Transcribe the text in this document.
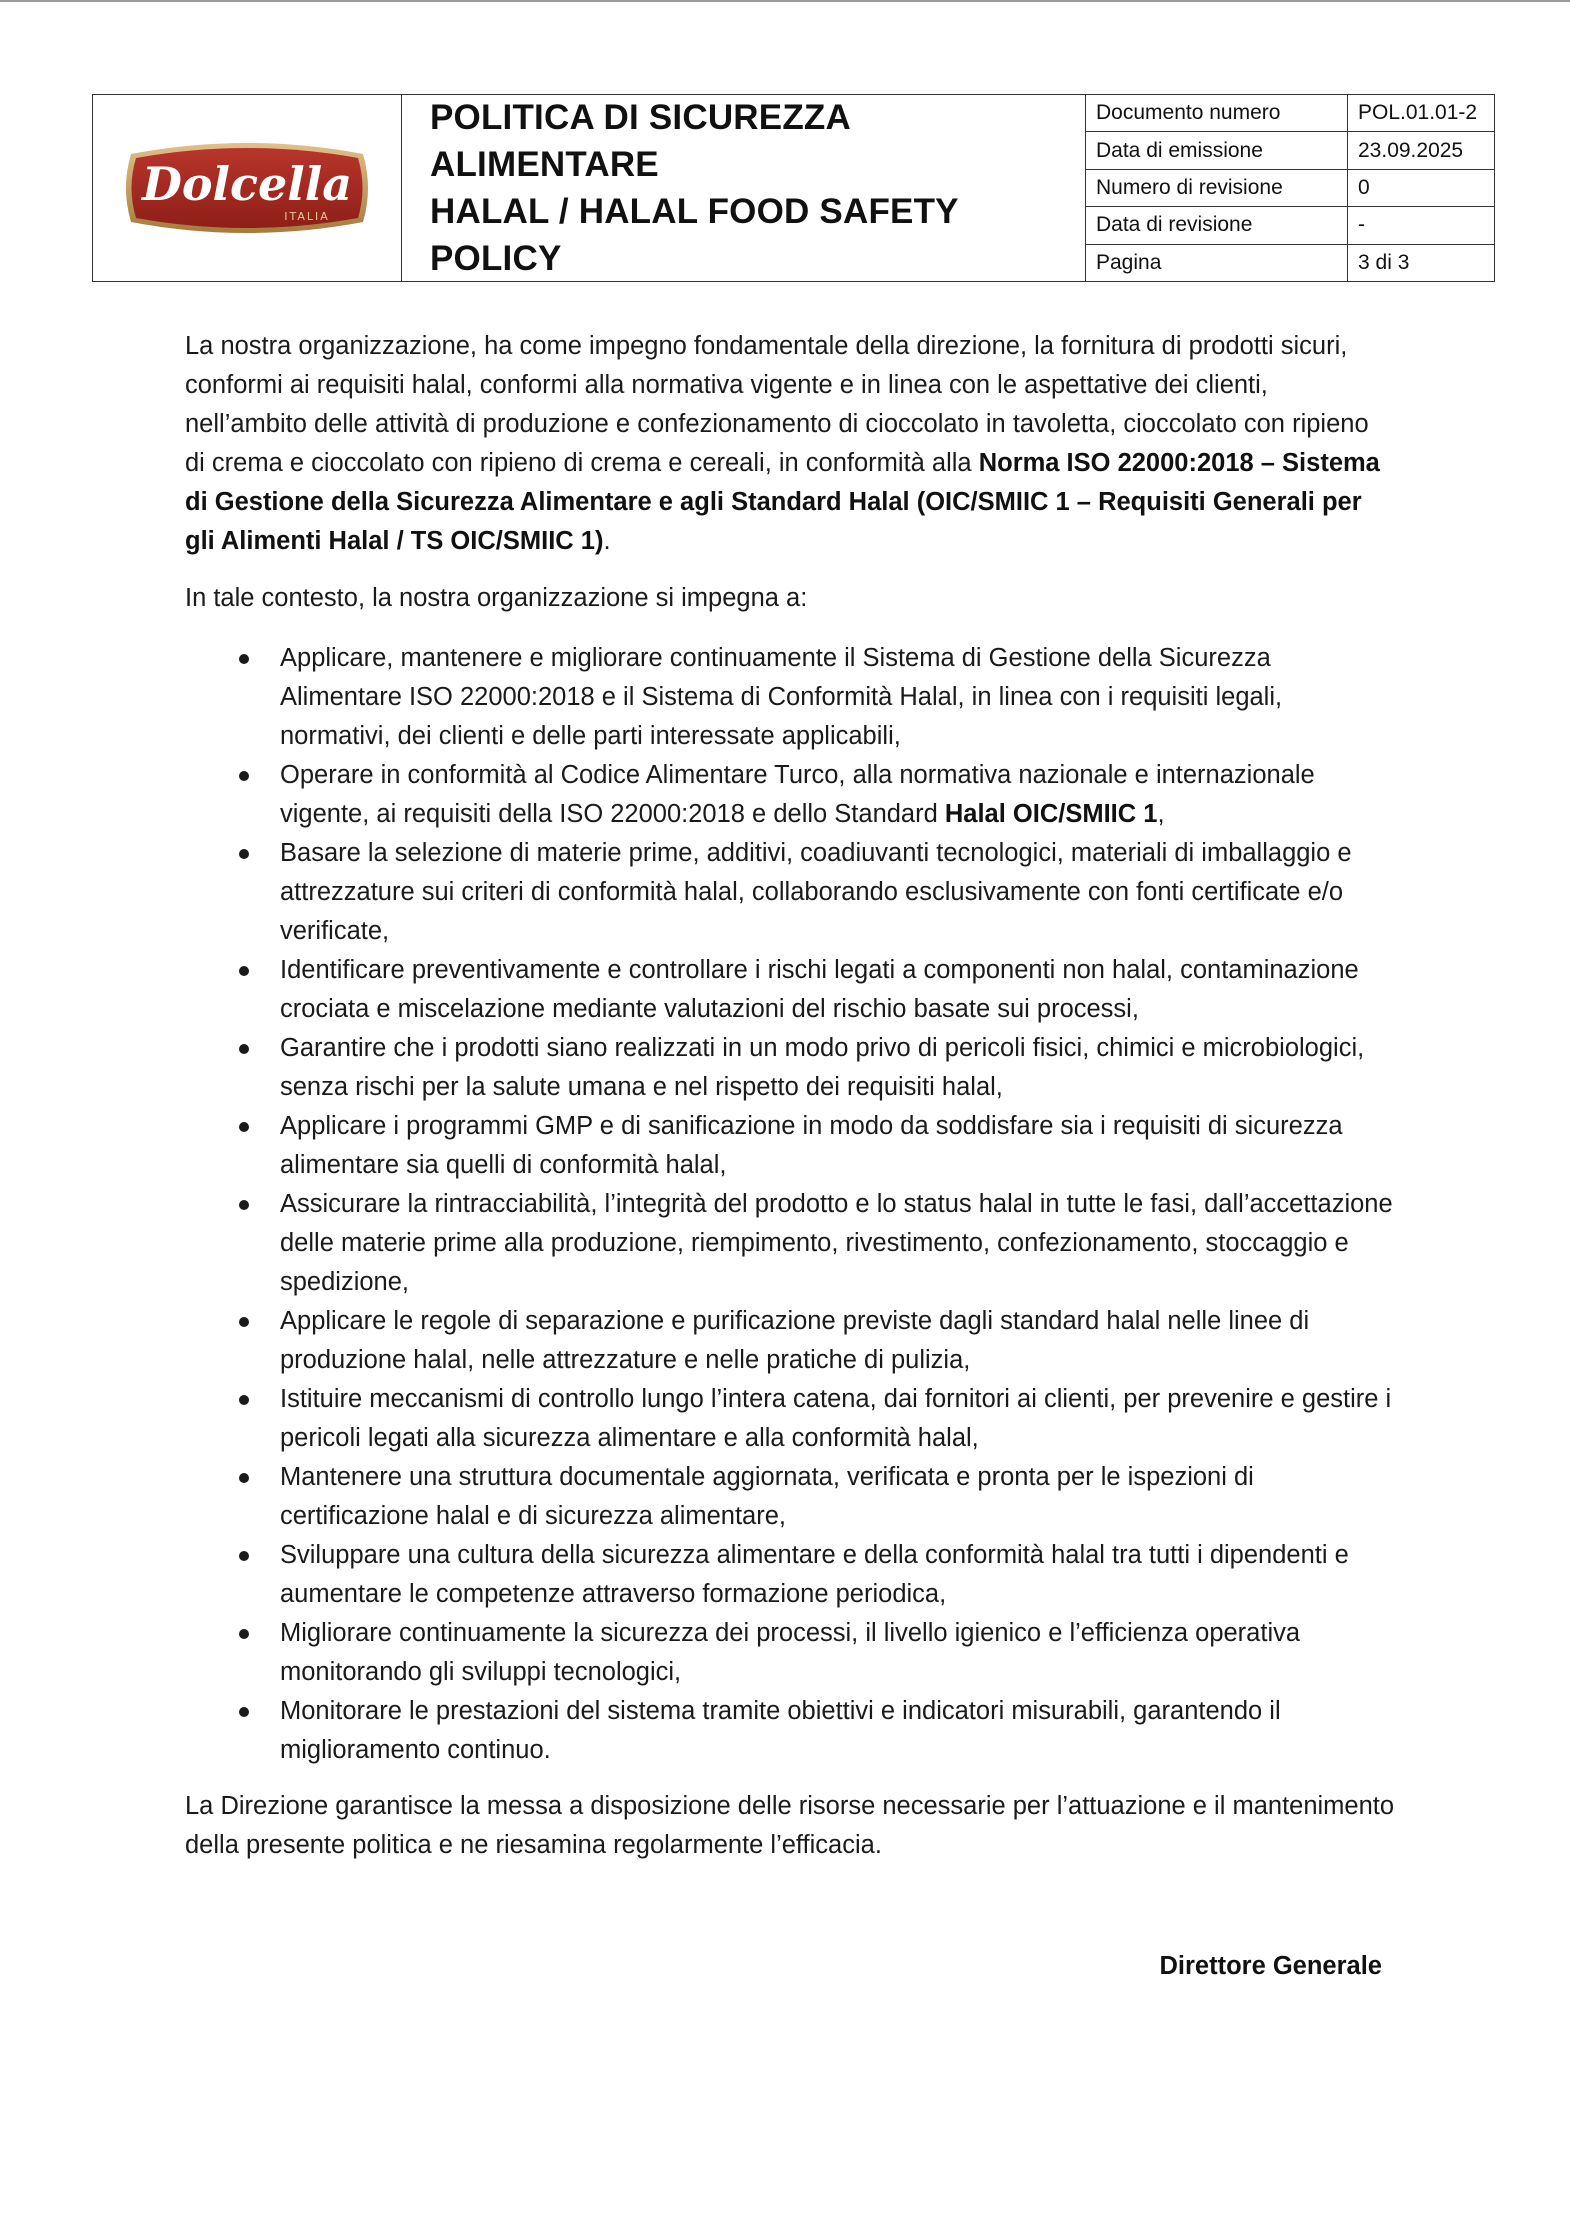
Dolcella
ITALIA
POLITICA DI SICUREZZA ALIMENTARE
HALAL / HALAL FOOD SAFETY POLICY
Documento numero	POL.01.01-2
Data di emissione	23.09.2025
Numero di revisione	0
Data di revisione	-
Pagina	3 di 3

La nostra organizzazione, ha come impegno fondamentale della direzione, la fornitura di prodotti sicuri, conformi ai requisiti halal, conformi alla normativa vigente e in linea con le aspettative dei clienti, nell’ambito delle attività di produzione e confezionamento di cioccolato in tavoletta, cioccolato con ripieno di crema e cioccolato con ripieno di crema e cereali, in conformità alla Norma ISO 22000:2018 – Sistema di Gestione della Sicurezza Alimentare e agli Standard Halal (OIC/SMIIC 1 – Requisiti Generali per gli Alimenti Halal / TS OIC/SMIIC 1).

In tale contesto, la nostra organizzazione si impegna a:

Applicare, mantenere e migliorare continuamente il Sistema di Gestione della Sicurezza Alimentare ISO 22000:2018 e il Sistema di Conformità Halal, in linea con i requisiti legali, normativi, dei clienti e delle parti interessate applicabili,
Operare in conformità al Codice Alimentare Turco, alla normativa nazionale e internazionale vigente, ai requisiti della ISO 22000:2018 e dello Standard Halal OIC/SMIIC 1,
Basare la selezione di materie prime, additivi, coadiuvanti tecnologici, materiali di imballaggio e attrezzature sui criteri di conformità halal, collaborando esclusivamente con fonti certificate e/o verificate,
Identificare preventivamente e controllare i rischi legati a componenti non halal, contaminazione crociata e miscelazione mediante valutazioni del rischio basate sui processi,
Garantire che i prodotti siano realizzati in un modo privo di pericoli fisici, chimici e microbiologici, senza rischi per la salute umana e nel rispetto dei requisiti halal,
Applicare i programmi GMP e di sanificazione in modo da soddisfare sia i requisiti di sicurezza alimentare sia quelli di conformità halal,
Assicurare la rintracciabilità, l’integrità del prodotto e lo status halal in tutte le fasi, dall’accettazione delle materie prime alla produzione, riempimento, rivestimento, confezionamento, stoccaggio e spedizione,
Applicare le regole di separazione e purificazione previste dagli standard halal nelle linee di produzione halal, nelle attrezzature e nelle pratiche di pulizia,
Istituire meccanismi di controllo lungo l’intera catena, dai fornitori ai clienti, per prevenire e gestire i pericoli legati alla sicurezza alimentare e alla conformità halal,
Mantenere una struttura documentale aggiornata, verificata e pronta per le ispezioni di certificazione halal e di sicurezza alimentare,
Sviluppare una cultura della sicurezza alimentare e della conformità halal tra tutti i dipendenti e aumentare le competenze attraverso formazione periodica,
Migliorare continuamente la sicurezza dei processi, il livello igienico e l’efficienza operativa monitorando gli sviluppi tecnologici,
Monitorare le prestazioni del sistema tramite obiettivi e indicatori misurabili, garantendo il miglioramento continuo.

La Direzione garantisce la messa a disposizione delle risorse necessarie per l’attuazione e il mantenimento della presente politica e ne riesamina regolarmente l’efficacia.

Direttore Generale
